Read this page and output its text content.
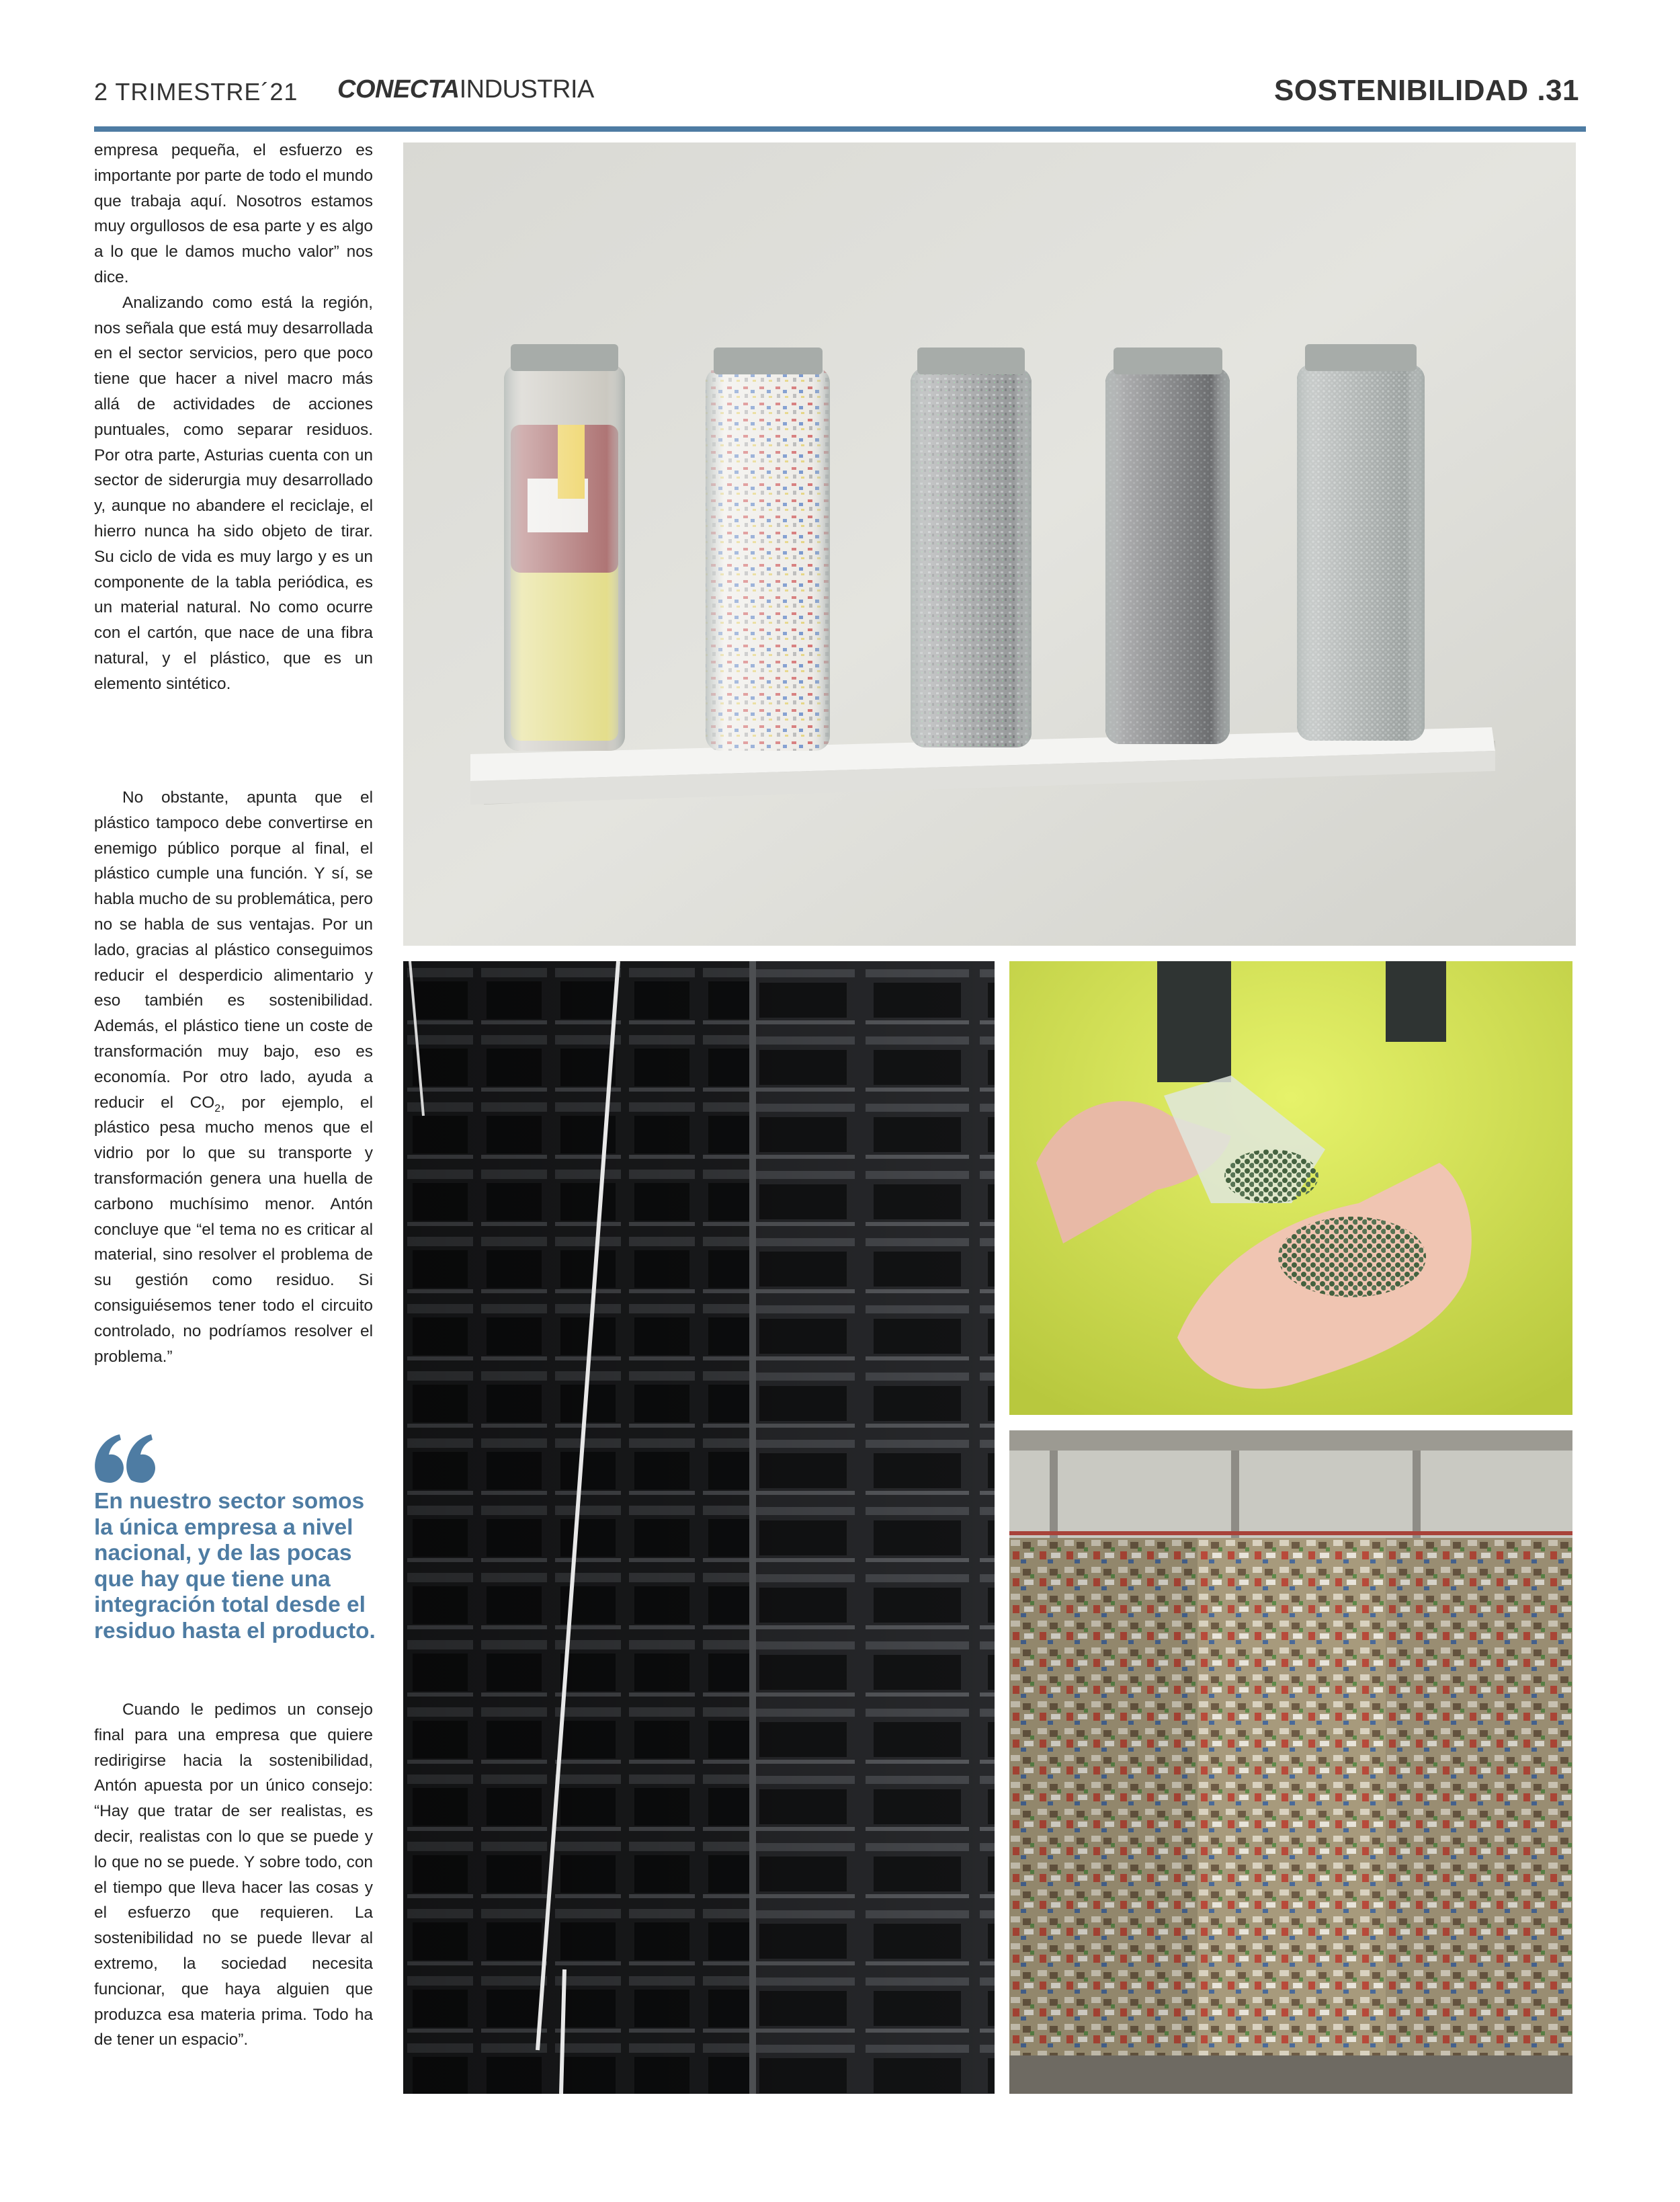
2 TRIMESTRE´21 CONECTAINDUSTRIA	SOSTENIBILIDAD .31

empresa pequeña, el esfuerzo es importante por parte de todo el mundo que trabaja aquí. Nosotros estamos muy orgullosos de esa parte y es algo a lo que le damos mucho valor” nos dice.

Analizando como está la región, nos señala que está muy desarrollada en el sector servicios, pero que poco tiene que hacer a nivel macro más allá de actividades de acciones puntuales, como separar residuos. Por otra parte, Asturias cuenta con un sector de siderurgia muy desarrollado y, aunque no abandere el reciclaje, el hierro nunca ha sido objeto de tirar. Su ciclo de vida es muy largo y es un componente de la tabla periódica, es un material natural. No como ocurre con el cartón, que nace de una fibra natural, y el plástico, que es un elemento sintético.

No obstante, apunta que el plástico tampoco debe convertirse en enemigo público porque al final, el plástico cumple una función. Y sí, se habla mucho de su problemática, pero no se habla de sus ventajas. Por un lado, gracias al plástico conseguimos reducir el desperdicio alimentario y eso también es sostenibilidad. Además, el plástico tiene un coste de transformación muy bajo, eso es economía. Por otro lado, ayuda a reducir el $CO_2$, por ejemplo, el plástico pesa mucho menos que el vidrio por lo que su transporte y transformación genera una huella de carbono muchísimo menor. Antón concluye que “el tema no es criticar al material, sino resolver el problema de su gestión como residuo. Si consiguiésemos tener todo el circuito controlado, no podríamos resolver el problema.”

En nuestro sector somos la única empresa a nivel nacional, y de las pocas que hay que tiene una integración total desde el residuo hasta el producto.

Cuando le pedimos un consejo final para una empresa que quiere redirigirse hacia la sostenibilidad, Antón apuesta por un único consejo: “Hay que tratar de ser realistas, es decir, realistas con lo que se puede y lo que no se puede. Y sobre todo, con el tiempo que lleva hacer las cosas y el esfuerzo que requieren. La sostenibilidad no se puede llevar al extremo, la sociedad necesita funcionar, que haya alguien que produzca esa materia prima. Todo ha de tener un espacio”.
